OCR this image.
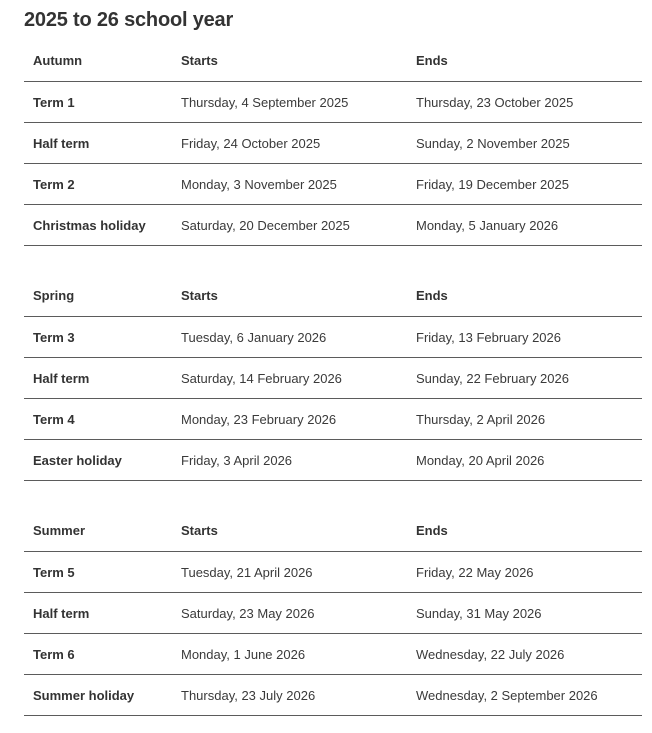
2025 to 26 school year
Autumn	Starts	Ends
Term 1	Thursday, 4 September 2025	Thursday, 23 October 2025
Half term	Friday, 24 October 2025	Sunday, 2 November 2025
Term 2	Monday, 3 November 2025	Friday, 19 December 2025
Christmas holiday	Saturday, 20 December 2025	Monday, 5 January 2026
Spring	Starts	Ends
Term 3	Tuesday, 6 January 2026	Friday, 13 February 2026
Half term	Saturday, 14 February 2026	Sunday, 22 February 2026
Term 4	Monday, 23 February 2026	Thursday, 2 April 2026
Easter holiday	Friday, 3 April 2026	Monday, 20 April 2026
Summer	Starts	Ends
Term 5	Tuesday, 21 April 2026	Friday, 22 May 2026
Half term	Saturday, 23 May 2026	Sunday, 31 May 2026
Term 6	Monday, 1 June 2026	Wednesday, 22 July 2026
Summer holiday	Thursday, 23 July 2026	Wednesday, 2 September 2026
